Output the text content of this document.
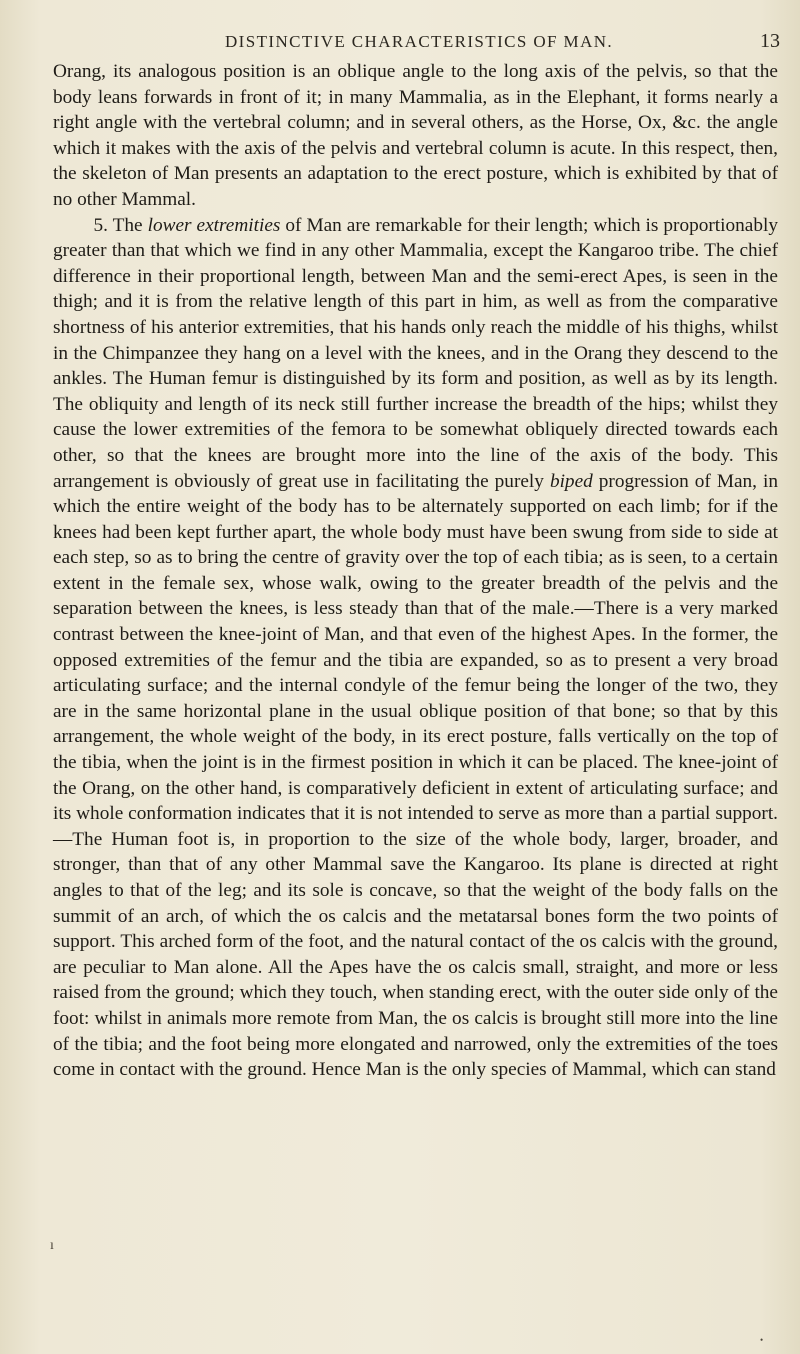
DISTINCTIVE CHARACTERISTICS OF MAN.	13

Orang, its analogous position is an oblique angle to the long axis of the pelvis, so that the body leans forwards in front of it; in many Mammalia, as in the Elephant, it forms nearly a right angle with the vertebral column; and in several others, as the Horse, Ox, &c. the angle which it makes with the axis of the pelvis and vertebral column is acute. In this respect, then, the skeleton of Man presents an adaptation to the erect posture, which is exhibited by that of no other Mammal.

5. The lower extremities of Man are remarkable for their length; which is proportionably greater than that which we find in any other Mammalia, except the Kangaroo tribe. The chief difference in their proportional length, between Man and the semi-erect Apes, is seen in the thigh; and it is from the relative length of this part in him, as well as from the comparative shortness of his anterior extremities, that his hands only reach the middle of his thighs, whilst in the Chimpanzee they hang on a level with the knees, and in the Orang they descend to the ankles. The Human femur is distinguished by its form and position, as well as by its length. The obliquity and length of its neck still further increase the breadth of the hips; whilst they cause the lower extremities of the femora to be somewhat obliquely directed towards each other, so that the knees are brought more into the line of the axis of the body. This arrangement is obviously of great use in facilitating the purely biped progression of Man, in which the entire weight of the body has to be alternately supported on each limb; for if the knees had been kept further apart, the whole body must have been swung from side to side at each step, so as to bring the centre of gravity over the top of each tibia; as is seen, to a certain extent in the female sex, whose walk, owing to the greater breadth of the pelvis and the separation between the knees, is less steady than that of the male.—There is a very marked contrast between the knee-joint of Man, and that even of the highest Apes. In the former, the opposed extremities of the femur and the tibia are expanded, so as to present a very broad articulating surface; and the internal condyle of the femur being the longer of the two, they are in the same horizontal plane in the usual oblique position of that bone; so that by this arrangement, the whole weight of the body, in its erect posture, falls vertically on the top of the tibia, when the joint is in the firmest position in which it can be placed. The knee-joint of the Orang, on the other hand, is comparatively deficient in extent of articulating surface; and its whole conformation indicates that it is not intended to serve as more than a partial support.—The Human foot is, in proportion to the size of the whole body, larger, broader, and stronger, than that of any other Mammal save the Kangaroo. Its plane is directed at right angles to that of the leg; and its sole is concave, so that the weight of the body falls on the summit of an arch, of which the os calcis and the metatarsal bones form the two points of support. This arched form of the foot, and the natural contact of the os calcis with the ground, are peculiar to Man alone. All the Apes have the os calcis small, straight, and more or less raised from the ground; which they touch, when standing erect, with the outer side only of the foot: whilst in animals more remote from Man, the os calcis is brought still more into the line of the tibia; and the foot being more elongated and narrowed, only the extremities of the toes come in contact with the ground. Hence Man is the only species of Mammal, which can stand

ı
•
